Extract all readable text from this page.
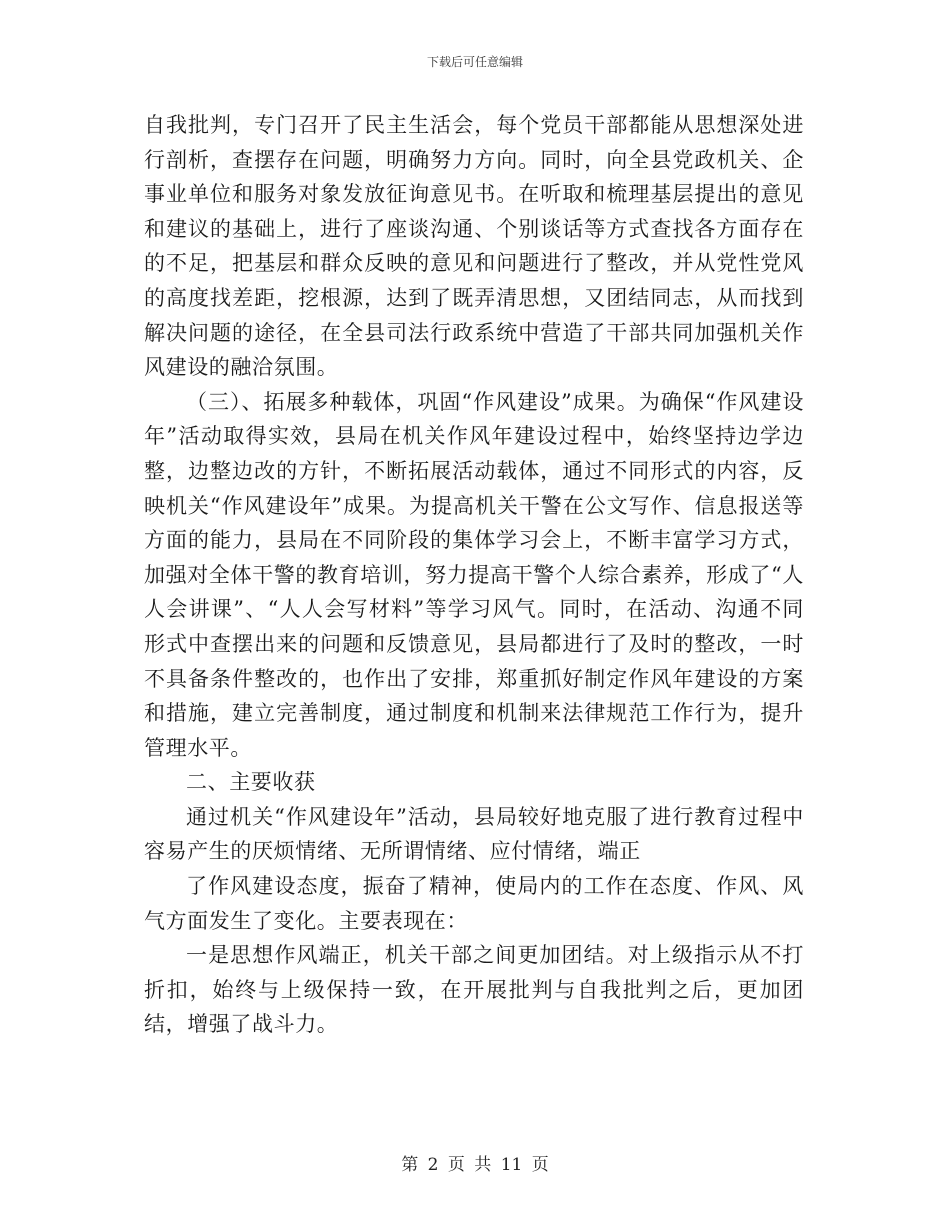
下载后可任意编辑

自我批判，专门召开了民主生活会，每个党员干部都能从思想深处进行剖析，查摆存在问题，明确努力方向。同时，向全县党政机关、企事业单位和服务对象发放征询意见书。在听取和梳理基层提出的意见和建议的基础上，进行了座谈沟通、个别谈话等方式查找各方面存在的不足，把基层和群众反映的意见和问题进行了整改，并从党性党风的高度找差距，挖根源，达到了既弄清思想，又团结同志，从而找到解决问题的途径，在全县司法行政系统中营造了干部共同加强机关作风建设的融洽氛围。

（三）、拓展多种载体，巩固“作风建设”成果。为确保“作风建设年”活动取得实效，县局在机关作风年建设过程中，始终坚持边学边整，边整边改的方针，不断拓展活动载体，通过不同形式的内容，反映机关“作风建设年”成果。为提高机关干警在公文写作、信息报送等方面的能力，县局在不同阶段的集体学习会上，不断丰富学习方式，加强对全体干警的教育培训，努力提高干警个人综合素养，形成了“人人会讲课”、“人人会写材料”等学习风气。同时，在活动、沟通不同形式中查摆出来的问题和反馈意见，县局都进行了及时的整改，一时不具备条件整改的，也作出了安排，郑重抓好制定作风年建设的方案和措施，建立完善制度，通过制度和机制来法律规范工作行为，提升管理水平。

二、主要收获

通过机关“作风建设年”活动，县局较好地克服了进行教育过程中容易产生的厌烦情绪、无所谓情绪、应付情绪，端正

了作风建设态度，振奋了精神，使局内的工作在态度、作风、风气方面发生了变化。主要表现在：

一是思想作风端正，机关干部之间更加团结。对上级指示从不打折扣，始终与上级保持一致，在开展批判与自我批判之后，更加团结，增强了战斗力。

第 2 页 共 11 页
